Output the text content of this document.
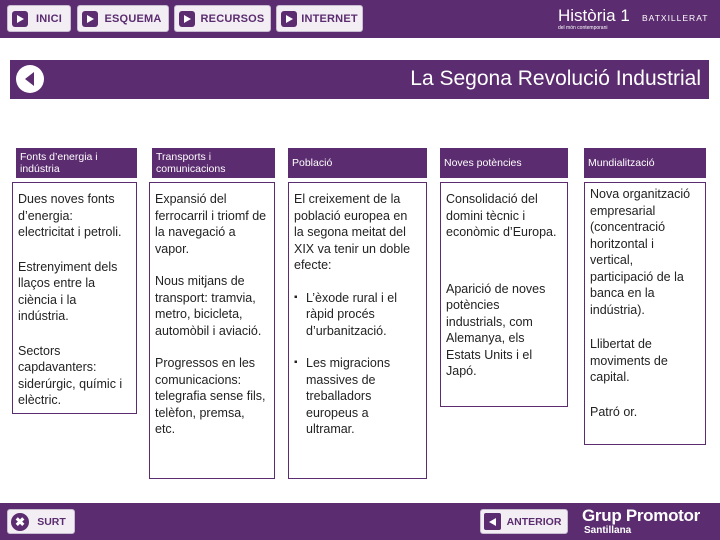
INICI	ESQUEMA	RECURSOS	INTERNET	Història 1 BATXILLERAT
del món contemporani
La Segona Revolució Industrial
Fonts d’energia i indústria

Dues noves fonts d’energia: electricitat i petroli.

Estrenyiment dels llaços entre la ciència i la indústria.

Sectors capdavanters: siderúrgic, químic i elèctric.

Transports i comunicacions

Expansió del ferrocarril i triomf de la navegació a vapor.

Nous mitjans de transport: tramvia, metro, bicicleta, automòbil i aviació.

Progressos en les comunicacions: telegrafia sense fils, telèfon, premsa, etc.

Població

El creixement de la població europea en la segona meitat del XIX va tenir un doble efecte:

▪ L’èxode rural i el ràpid procés d’urbanització.
▪ Les migracions massives de treballadors europeus a ultramar.
Noves potències

Consolidació del domini tècnic i econòmic d’Europa.

Aparició de noves potències industrials, com Alemanya, els Estats Units i el Japó.

Mundialització

Nova organització empresarial (concentració horitzontal i vertical, participació de la banca en la indústria).

Llibertat de moviments de capital.

Patró or.

✖	SURT	ANTERIOR	Grup Promotor
Santillana
